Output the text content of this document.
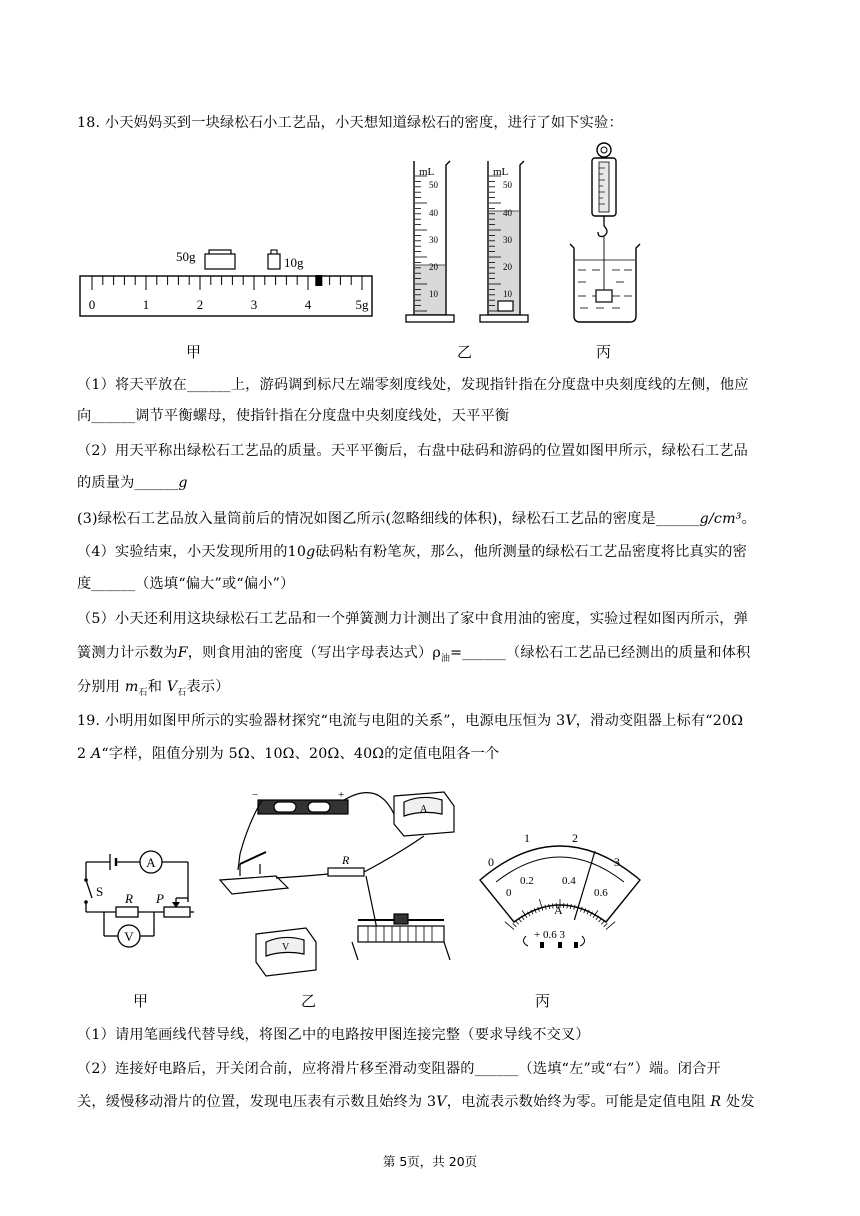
18. 小天妈妈买到一块绿松石小工艺品，小天想知道绿松石的密度，进行了如下实验：
50g	10g
0	1	2	3	4	5g
mL
50
40
30
20
10
mL
50
40
30
20
10
甲	乙	丙
（1）将天平放在______上，游码调到标尺左端零刻度线处，发现指针指在分度盘中央刻度线的左侧，他应
向______调节平衡螺母，使指针指在分度盘中央刻度线处，天平平衡
（2）用天平称出绿松石工艺品的质量。天平平衡后，右盘中砝码和游码的位置如图甲所示，绿松石工艺品
的质量为______g
(3)绿松石工艺品放入量筒前后的情况如图乙所示(忽略细线的体积)，绿松石工艺品的密度是______g/cm³。
（4）实验结束，小天发现所用的10g砝码粘有粉笔灰，那么，他所测量的绿松石工艺品密度将比真实的密
度______（选填“偏大”或“偏小”）
（5）小天还利用这块绿松石工艺品和一个弹簧测力计测出了家中食用油的密度，实验过程如图丙所示，弹
簧测力计示数为F，则食用油的密度（写出字母表达式）$\rho_油=\_\_\_\_\_\_$（绿松石工艺品已经测出的质量和体积
分别用 $m_石$和 $V_石$表示）
19. 小明用如图甲所示的实验器材探究“电流与电阻的关系”，电源电压恒为 3V，滑动变阻器上标有“20Ω
2 A“字样，阻值分别为 5Ω、10Ω、20Ω、40Ω的定值电阻各一个
A
S R P
V
−	+
A
R
V
0
1	2
3
0
0.2	0.4
0.6
A
+ 0.6 3
甲	乙	丙
（1）请用笔画线代替导线，将图乙中的电路按甲图连接完整（要求导线不交叉）
（2）连接好电路后，开关闭合前，应将滑片移至滑动变阻器的______（选填“左”或“右”）端。闭合开
关，缓慢移动滑片的位置，发现电压表有示数且始终为 3V，电流表示数始终为零。可能是定值电阻 R 处发
第 5页，共 20页
